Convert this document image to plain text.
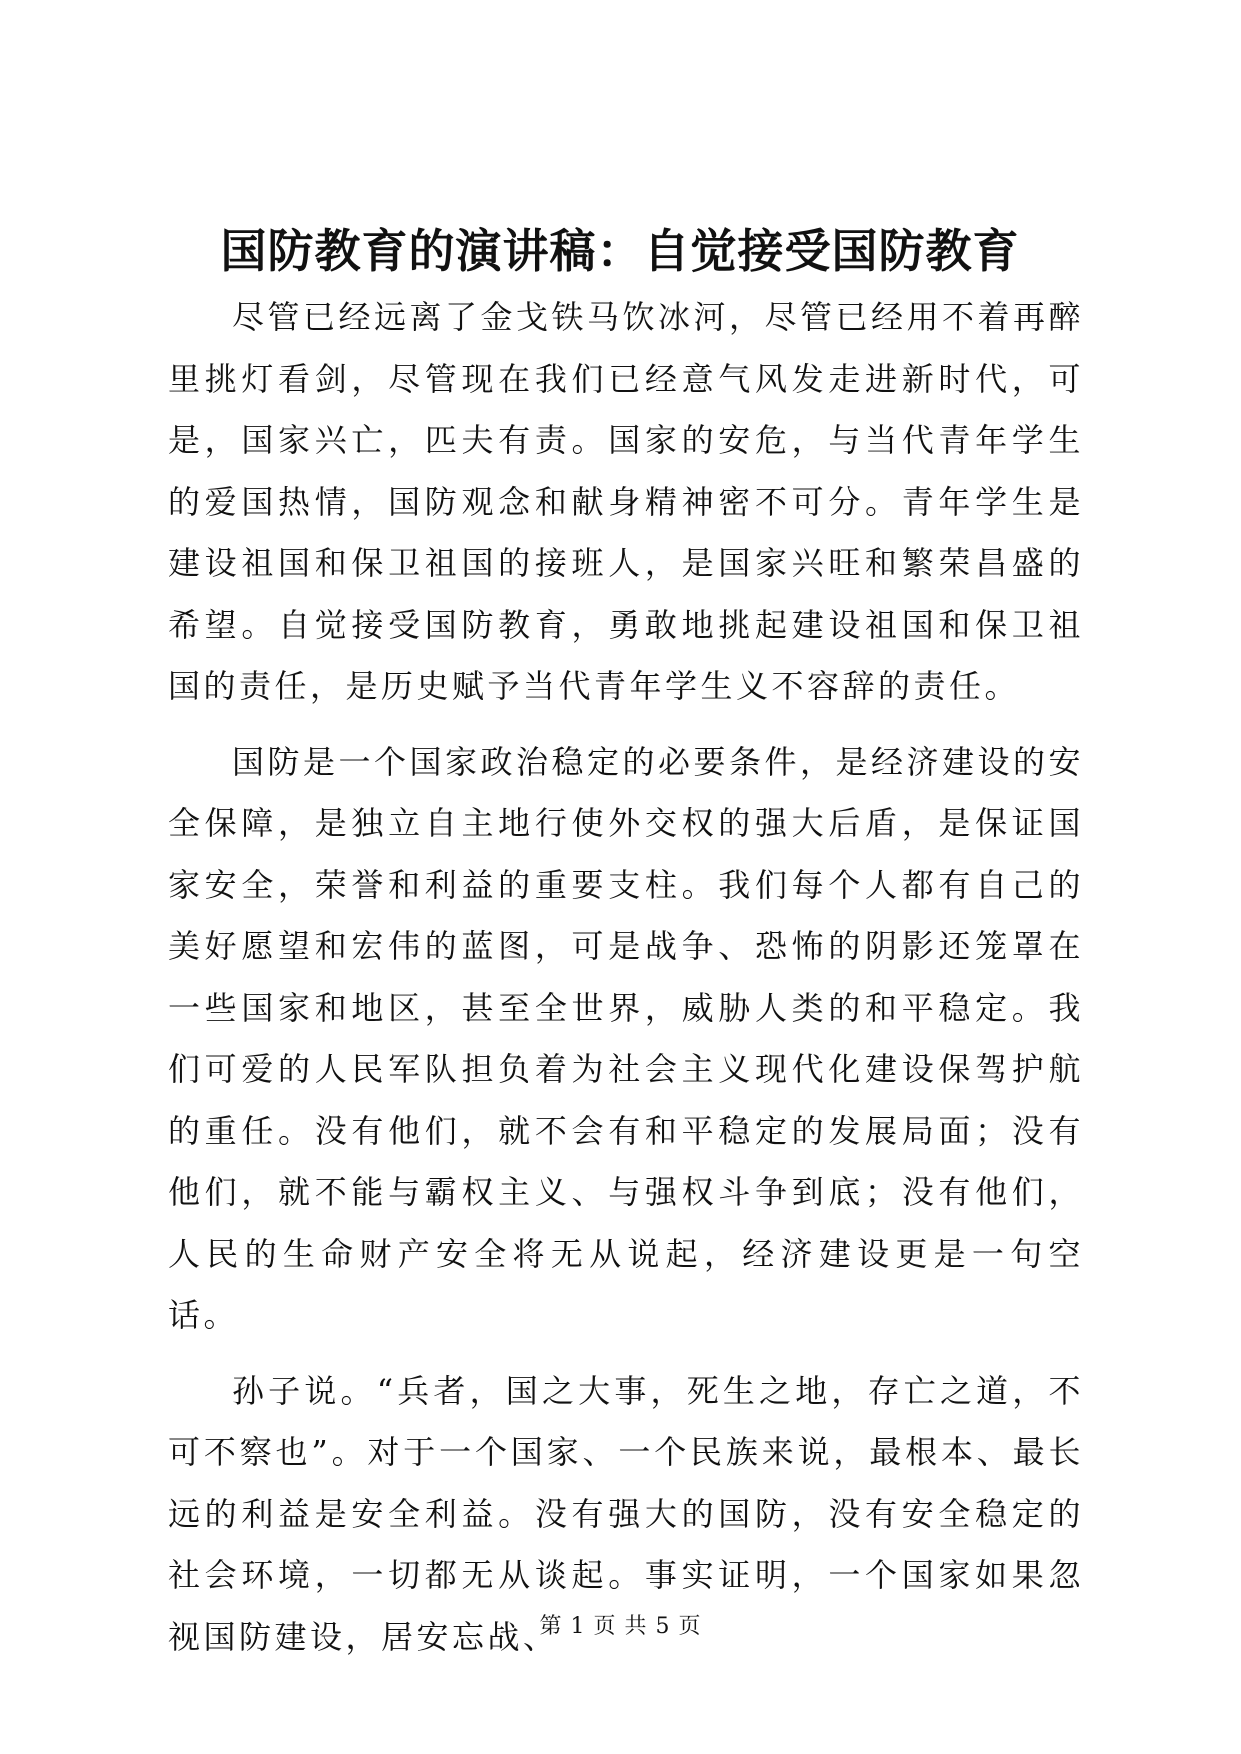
国防教育的演讲稿：自觉接受国防教育

尽管已经远离了金戈铁马饮冰河，尽管已经用不着再醉里挑灯看剑，尽管现在我们已经意气风发走进新时代，可是，国家兴亡，匹夫有责。国家的安危，与当代青年学生的爱国热情，国防观念和献身精神密不可分。青年学生是建设祖国和保卫祖国的接班人，是国家兴旺和繁荣昌盛的希望。自觉接受国防教育，勇敢地挑起建设祖国和保卫祖国的责任，是历史赋予当代青年学生义不容辞的责任。

国防是一个国家政治稳定的必要条件，是经济建设的安全保障，是独立自主地行使外交权的强大后盾，是保证国家安全，荣誉和利益的重要支柱。我们每个人都有自己的美好愿望和宏伟的蓝图，可是战争、恐怖的阴影还笼罩在一些国家和地区，甚至全世界，威胁人类的和平稳定。我们可爱的人民军队担负着为社会主义现代化建设保驾护航的重任。没有他们，就不会有和平稳定的发展局面；没有他们，就不能与霸权主义、与强权斗争到底；没有他们，人民的生命财产安全将无从说起，经济建设更是一句空话。

孙子说。“兵者，国之大事，死生之地，存亡之道，不可不察也”。对于一个国家、一个民族来说，最根本、最长远的利益是安全利益。没有强大的国防，没有安全稳定的社会环境，一切都无从谈起。事实证明，一个国家如果忽视国防建设，居安忘战、

第 1 页 共 5 页
